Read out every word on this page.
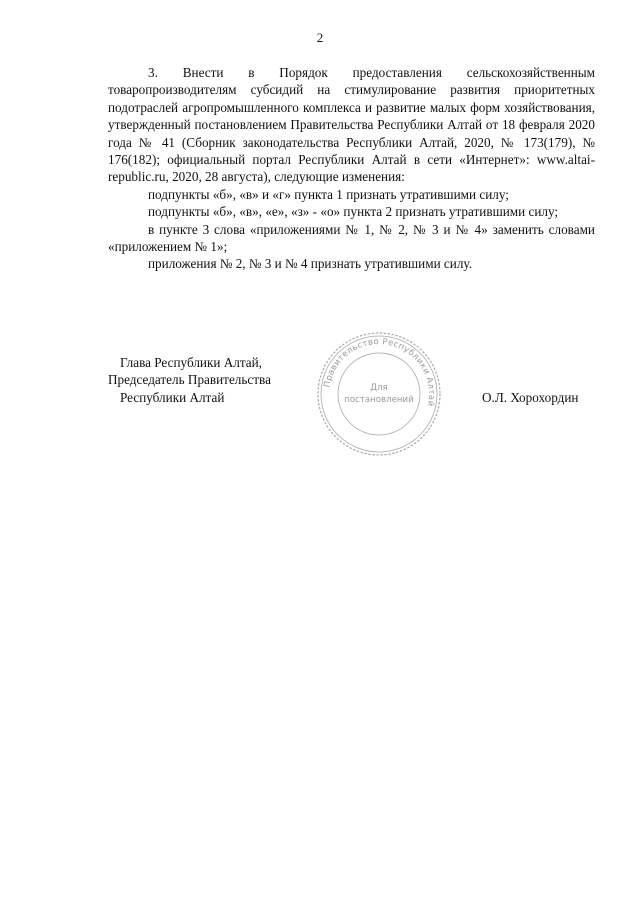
2

3. Внести в Порядок предоставления сельскохозяйственным товаропроизводителям субсидий на стимулирование развития приоритетных подотраслей агропромышленного комплекса и развитие малых форм хозяйствования, утвержденный постановлением Правительства Республики Алтай от 18 февраля 2020 года № 41 (Сборник законодательства Республики Алтай, 2020, № 173(179), № 176(182); официальный портал Республики Алтай в сети «Интернет»: www.altai-republic.ru, 2020, 28 августа), следующие изменения:

подпункты «б», «в» и «г» пункта 1 признать утратившими силу;

подпункты «б», «в», «е», «з» - «о» пункта 2 признать утратившими силу;

в пункте 3 слова «приложениями № 1, № 2, № 3 и № 4» заменить словами «приложением № 1»;

приложения № 2, № 3 и № 4 признать утратившими силу.

Глава Республики Алтай,
Председатель Правительства
Республики Алтай
Правительство Республики Алтай
Для
постановлений	О.Л. Хорохордин
